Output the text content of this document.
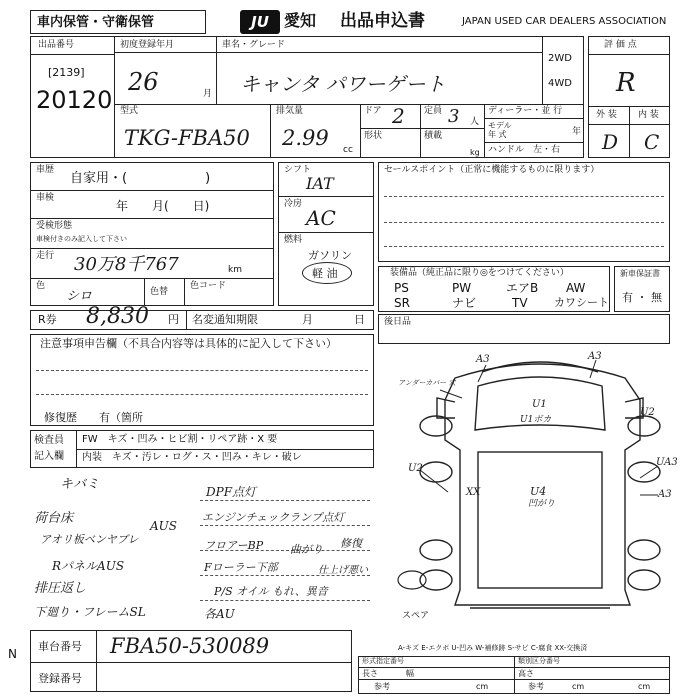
車内保管・守衛保管	JU 愛知 出品申込書	JAPAN USED CAR DEALERS ASSOCIATION
出品番号
[2139]
20120
初度登録年月
26	月
車名・グレード
キャンタ パワーゲート
2WD
4WD
評 価 点
R
外 装 内 装
D C
型式
TKG-FBA50
排気量
2.99 cc
ドア 2 定員 3 人
形状	積載
kg
ディーラー・並 行
モデル
年 式	年
ハンドル　左・右
車歴
自家用・(　　　　　　)
車検
年　　月(　　日)
受検形態
車検付きのみ記入して下さい
走行 30万8千767	km
色
シロ	色替
色コード
シフト
IAT
冷房
AC
燃料
ガソリン
軽 油
セールスポイント（正常に機能するものに限ります）
装備品（純正品に限り◎をつけてください）
PS	PW	エアB AW
SR	ナビ	TV カワシート
新車保証書
有 ・ 無
R券 8,830 円 名変通知期限	月	日 後日品
注意事項申告欄（不具合内容等は具体的に記入して下さい）
修復歴　　有（箇所
検査員
記入欄
FW　キズ・凹み・ヒビ割・リペア跡・X 要
内装　キズ・汚レ・ログ・ス・凹み・キレ・破レ
キバミ
荷台床
アオリ板ベンヤブレ
AUS
RパネルAUS
排圧返し
下廻り・フレームSL
DPF点灯
エンジンチェックランプ点灯
フロアーBP 曲がり 修復
Fローラー下部	仕上げ悪い
P/S オイル もれ、異音
各AU
A3	A3
アンダーカバー 穴
U1
U1ボカ
U2
U2
U4
凹がり
XX	A3
UA3
スペア
A-キズ E-エクボ U-凹み W-補修跡 S-サビ C-腐食 XX-交換済
N
車台番号 FBA50-530089
登録番号
形式指定番号	類別区分番号
長さ	幅	高さ
参考	cm	参考	cm	cm
